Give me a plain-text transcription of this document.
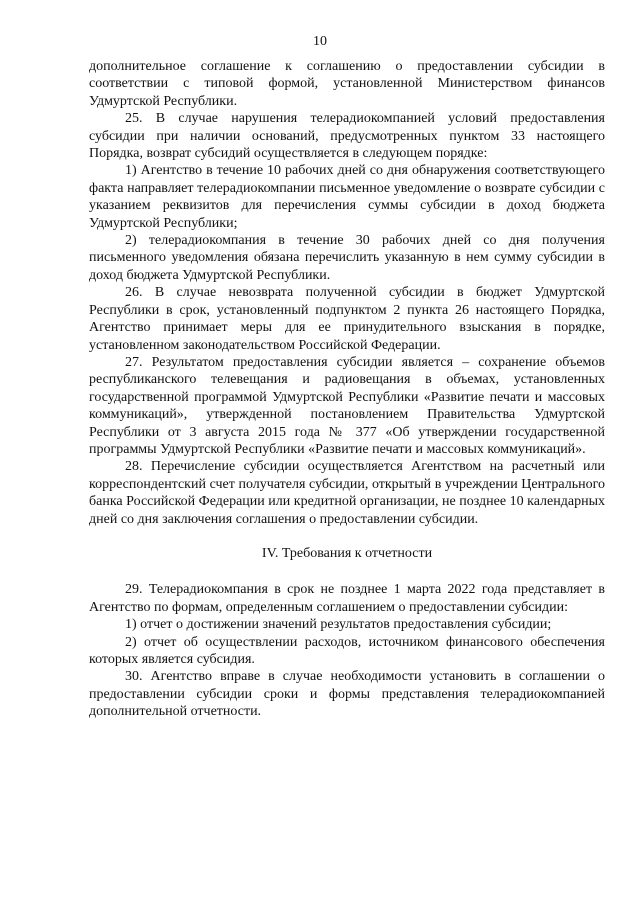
10

дополнительное соглашение к соглашению о предоставлении субсидии в соответствии с типовой формой, установленной Министерством финансов Удмуртской Республики.

25. В случае нарушения телерадиокомпанией условий предоставления субсидии при наличии оснований, предусмотренных пунктом 33 настоящего Порядка, возврат субсидий осуществляется в следующем порядке:

1) Агентство в течение 10 рабочих дней со дня обнаружения соответствующего факта направляет телерадиокомпании письменное уведомление о возврате субсидии с указанием реквизитов для перечисления суммы субсидии в доход бюджета Удмуртской Республики;

2) телерадиокомпания в течение 30 рабочих дней со дня получения письменного уведомления обязана перечислить указанную в нем сумму субсидии в доход бюджета Удмуртской Республики.

26. В случае невозврата полученной субсидии в бюджет Удмуртской Республики в срок, установленный подпунктом 2 пункта 26 настоящего Порядка, Агентство принимает меры для ее принудительного взыскания в порядке, установленном законодательством Российской Федерации.

27. Результатом предоставления субсидии является – сохранение объемов республиканского телевещания и радиовещания в объемах, установленных государственной программой Удмуртской Республики «Развитие печати и массовых коммуникаций», утвержденной постановлением Правительства Удмуртской Республики от 3 августа 2015 года № 377 «Об утверждении государственной программы Удмуртской Республики «Развитие печати и массовых коммуникаций».

28. Перечисление субсидии осуществляется Агентством на расчетный или корреспондентский счет получателя субсидии, открытый в учреждении Центрального банка Российской Федерации или кредитной организации, не позднее 10 календарных дней со дня заключения соглашения о предоставлении субсидии.

IV. Требования к отчетности

29. Телерадиокомпания в срок не позднее 1 марта 2022 года представляет в Агентство по формам, определенным соглашением о предоставлении субсидии:

1) отчет о достижении значений результатов предоставления субсидии;

2) отчет об осуществлении расходов, источником финансового обеспечения которых является субсидия.

30. Агентство вправе в случае необходимости установить в соглашении о предоставлении субсидии сроки и формы представления телерадиокомпанией дополнительной отчетности.
